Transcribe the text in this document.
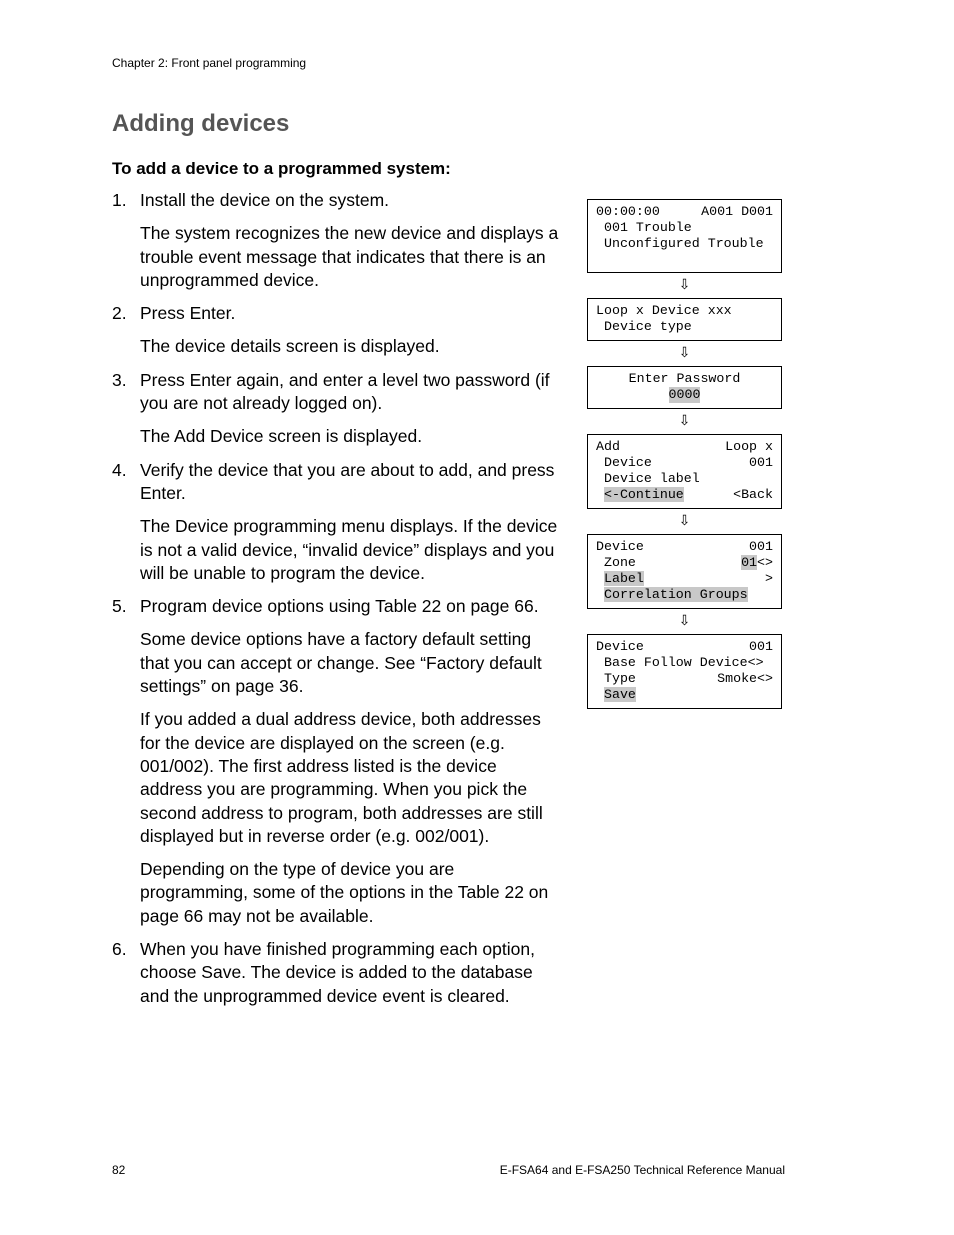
Chapter 2: Front panel programming
Adding devices
To add a device to a programmed system:
1. Install the device on the system.

The system recognizes the new device and displays a trouble event message that indicates that there is an unprogrammed device.

2. Press Enter.

The device details screen is displayed.

3. Press Enter again, and enter a level two password (if you are not already logged on).

The Add Device screen is displayed.

4. Verify the device that you are about to add, and press Enter.

The Device programming menu displays. If the device is not a valid device, “invalid device” displays and you will be unable to program the device.

5. Program device options using Table 22 on page 66.

Some device options have a factory default setting that you can accept or change. See “Factory default settings” on page 36.

If you added a dual address device, both addresses for the device are displayed on the screen (e.g. 001/002). The first address listed is the device address you are programming. When you pick the second address to program, both addresses are still displayed but in reverse order (e.g. 002/001).

Depending on the type of device you are programming, some of the options in the Table 22 on page 66 may not be available.

6. When you have finished programming each option, choose Save. The device is added to the database and the unprogrammed device event is cleared.

00:00:00	A001 D001
001 Trouble
Unconfigured Trouble
⇩
Loop x Device xxx
Device type
⇩
Enter Password
0000
⇩
Add	Loop x
Device	001
Device label
<-Continue	<Back
⇩
Device	001
Zone	01<>
Label	>
Correlation Groups
⇩
Device	001
Base Follow Device<>
Type	Smoke<>
Save
82	E-FSA64 and E-FSA250 Technical Reference Manual
